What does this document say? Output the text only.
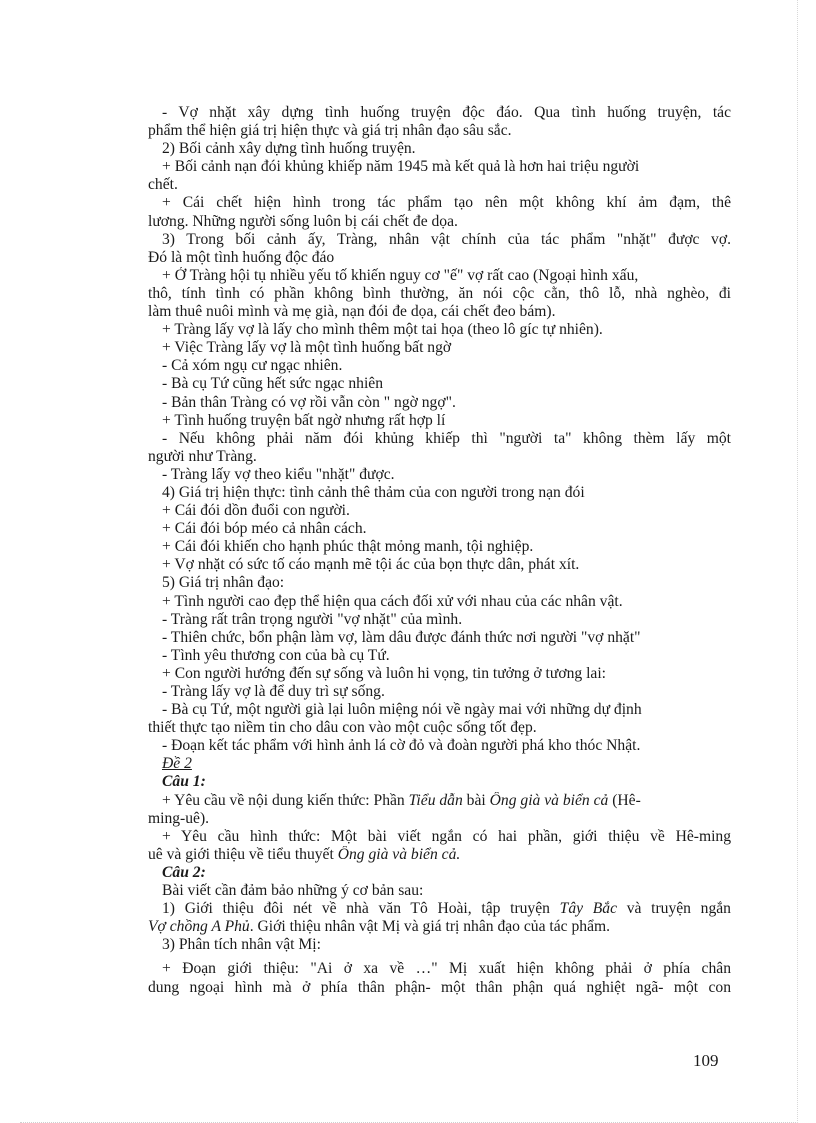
- Vợ nhặt xây dựng tình huống truyện độc đáo. Qua tình huống truyện, tác
phẩm thể hiện giá trị hiện thực và giá trị nhân đạo sâu sắc.
2) Bối cảnh xây dựng tình huống truyện.
+ Bối cảnh nạn đói khủng khiếp năm 1945 mà kết quả là hơn hai triệu người
chết.
+ Cái chết hiện hình trong tác phẩm tạo nên một không khí ảm đạm, thê
lương. Những người sống luôn bị cái chết đe dọa.
3) Trong bối cảnh ấy, Tràng, nhân vật chính của tác phẩm "nhặt" được vợ.
Đó là một tình huống độc đáo
+ Ở Tràng hội tụ nhiều yếu tố khiến nguy cơ "ế" vợ rất cao (Ngoại hình xấu,
thô, tính tình có phần không bình thường, ăn nói cộc cằn, thô lỗ, nhà nghèo, đi
làm thuê nuôi mình và mẹ già, nạn đói đe dọa, cái chết đeo bám).
+ Tràng lấy vợ là lấy cho mình thêm một tai họa (theo lô gíc tự nhiên).
+ Việc Tràng lấy vợ là một tình huống bất ngờ
- Cả xóm ngụ cư ngạc nhiên.
- Bà cụ Tứ cũng hết sức ngạc nhiên
- Bản thân Tràng có vợ rồi vẫn còn " ngờ ngợ".
+ Tình huống truyện bất ngờ nhưng rất hợp lí
- Nếu không phải năm đói khủng khiếp thì "người ta" không thèm lấy một
người như Tràng.
- Tràng lấy vợ theo kiểu "nhặt" được.
4) Giá trị hiện thực: tình cảnh thê thảm của con người trong nạn đói
+ Cái đói dồn đuổi con người.
+ Cái đói bóp méo cả nhân cách.
+ Cái đói khiến cho hạnh phúc thật mỏng manh, tội nghiệp.
+ Vợ nhặt có sức tố cáo mạnh mẽ tội ác của bọn thực dân, phát xít.
5) Giá trị nhân đạo:
+ Tình người cao đẹp thể hiện qua cách đối xử với nhau của các nhân vật.
- Tràng rất trân trọng người "vợ nhặt" của mình.
- Thiên chức, bổn phận làm vợ, làm dâu được đánh thức nơi người "vợ nhặt"
- Tình yêu thương con của bà cụ Tứ.
+ Con người hướng đến sự sống và luôn hi vọng, tin tưởng ở tương lai:
- Tràng lấy vợ là để duy trì sự sống.
- Bà cụ Tứ, một người già lại luôn miệng nói về ngày mai với những dự định
thiết thực tạo niềm tin cho dâu con vào một cuộc sống tốt đẹp.
- Đoạn kết tác phẩm với hình ảnh lá cờ đỏ và đoàn người phá kho thóc Nhật.
Đề 2
Câu 1:
+ Yêu cầu về nội dung kiến thức: Phần Tiểu dẫn bài Ông già và biển cả (Hê-
ming-uê).
+ Yêu cầu hình thức: Một bài viết ngắn có hai phần, giới thiệu về Hê-ming
uê và giới thiệu về tiểu thuyết Ông già và biển cả.
Câu 2:
Bài viết cần đảm bảo những ý cơ bản sau:
1) Giới thiệu đôi nét về nhà văn Tô Hoài, tập truyện Tây Bắc và truyện ngắn
Vợ chồng A Phủ. Giới thiệu nhân vật Mị và giá trị nhân đạo của tác phẩm.
3) Phân tích nhân vật Mị:
+ Đoạn giới thiệu: "Ai ở xa về …" Mị xuất hiện không phải ở phía chân
dung ngoại hình mà ở phía thân phận- một thân phận quá nghiệt ngã- một con
109
